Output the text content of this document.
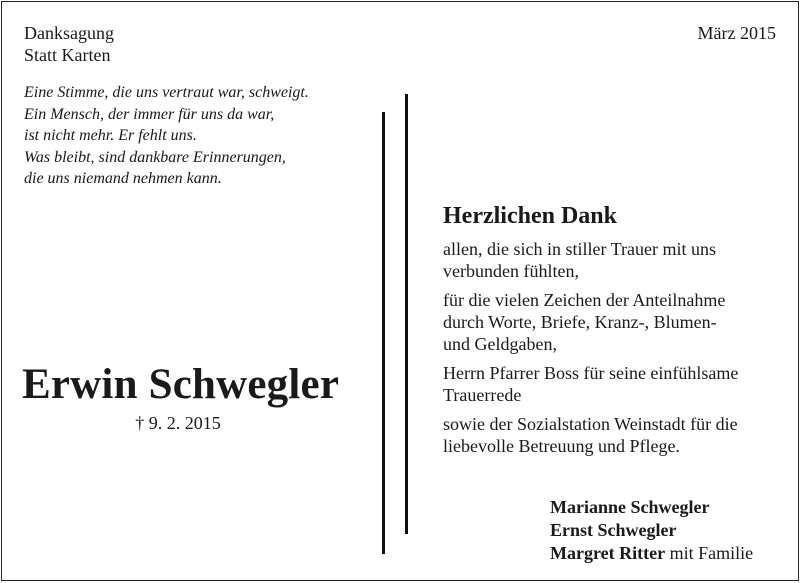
Danksagung
Statt Karten
März 2015
Eine Stimme, die uns vertraut war, schweigt.
Ein Mensch, der immer für uns da war,
ist nicht mehr. Er fehlt uns.
Was bleibt, sind dankbare Erinnerungen,
die uns niemand nehmen kann.
Erwin Schwegler
† 9. 2. 2015
Herzlichen Dank

allen, die sich in stiller Trauer mit uns
verbunden fühlten,

für die vielen Zeichen der Anteilnahme
durch Worte, Briefe, Kranz-, Blumen-
und Geldgaben,

Herrn Pfarrer Boss für seine einfühlsame
Trauerrede

sowie der Sozialstation Weinstadt für die
liebevolle Betreuung und Pflege.

Marianne Schwegler
Ernst Schwegler
Margret Ritter mit Familie
